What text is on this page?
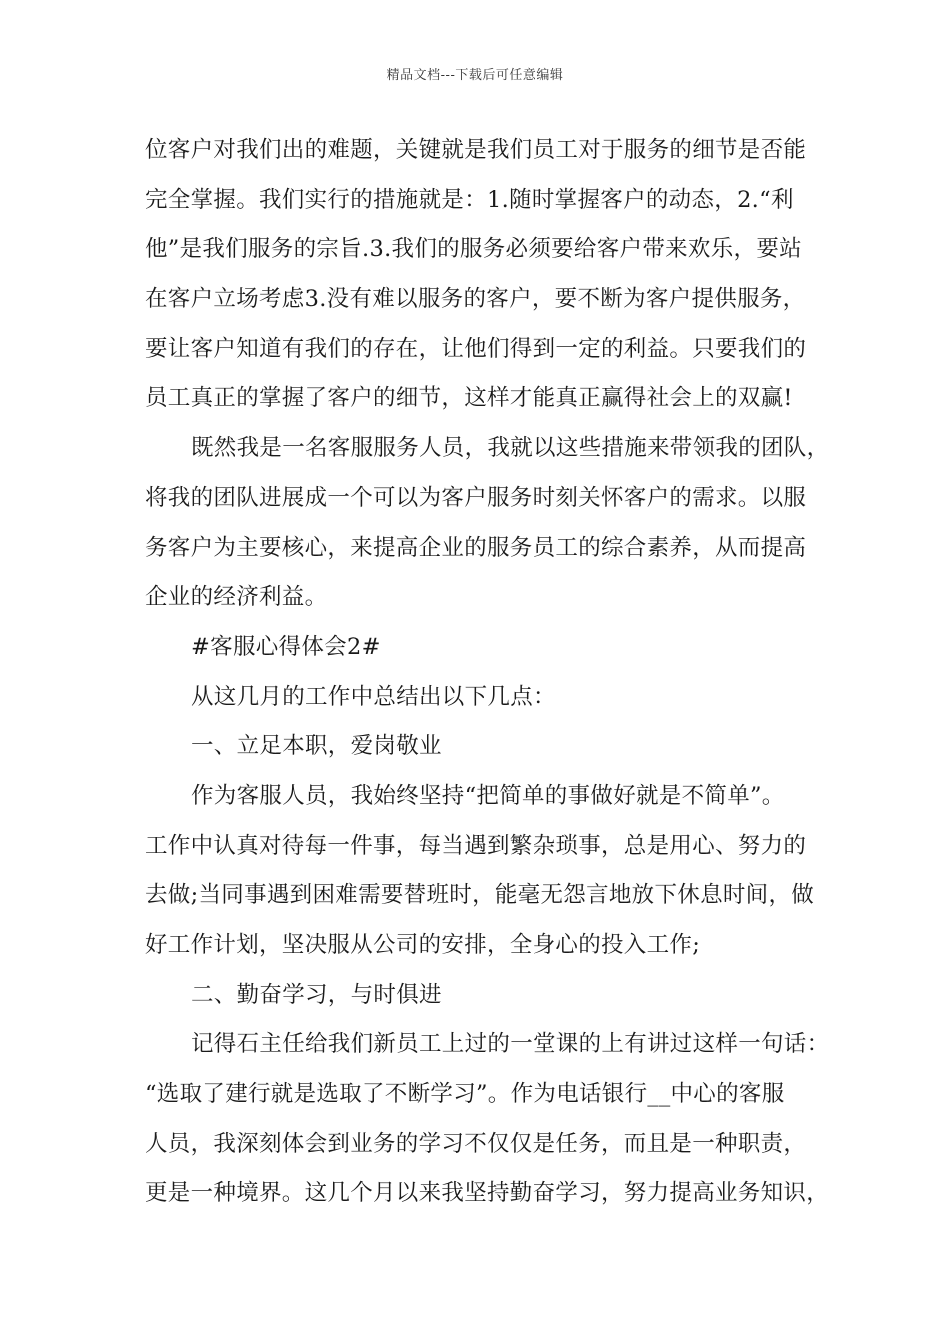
精品文档---下载后可任意编辑
位客户对我们出的难题，关键就是我们员工对于服务的细节是否能
完全掌握。我们实行的措施就是：1.随时掌握客户的动态，2.“利
他”是我们服务的宗旨.3.我们的服务必须要给客户带来欢乐，要站
在客户立场考虑3.没有难以服务的客户，要不断为客户提供服务，
要让客户知道有我们的存在，让他们得到一定的利益。只要我们的
员工真正的掌握了客户的细节，这样才能真正赢得社会上的双赢!
既然我是一名客服服务人员，我就以这些措施来带领我的团队，
将我的团队进展成一个可以为客户服务时刻关怀客户的需求。以服
务客户为主要核心，来提高企业的服务员工的综合素养，从而提高
企业的经济利益。
#客服心得体会2#
从这几月的工作中总结出以下几点：
一、立足本职，爱岗敬业
作为客服人员，我始终坚持“把简单的事做好就是不简单”。
工作中认真对待每一件事，每当遇到繁杂琐事，总是用心、努力的
去做;当同事遇到困难需要替班时，能毫无怨言地放下休息时间，做
好工作计划，坚决服从公司的安排，全身心的投入工作;
二、勤奋学习，与时俱进
记得石主任给我们新员工上过的一堂课的上有讲过这样一句话：
“选取了建行就是选取了不断学习”。作为电话银行__中心的客服
人员，我深刻体会到业务的学习不仅仅是任务，而且是一种职责，
更是一种境界。这几个月以来我坚持勤奋学习，努力提高业务知识，
